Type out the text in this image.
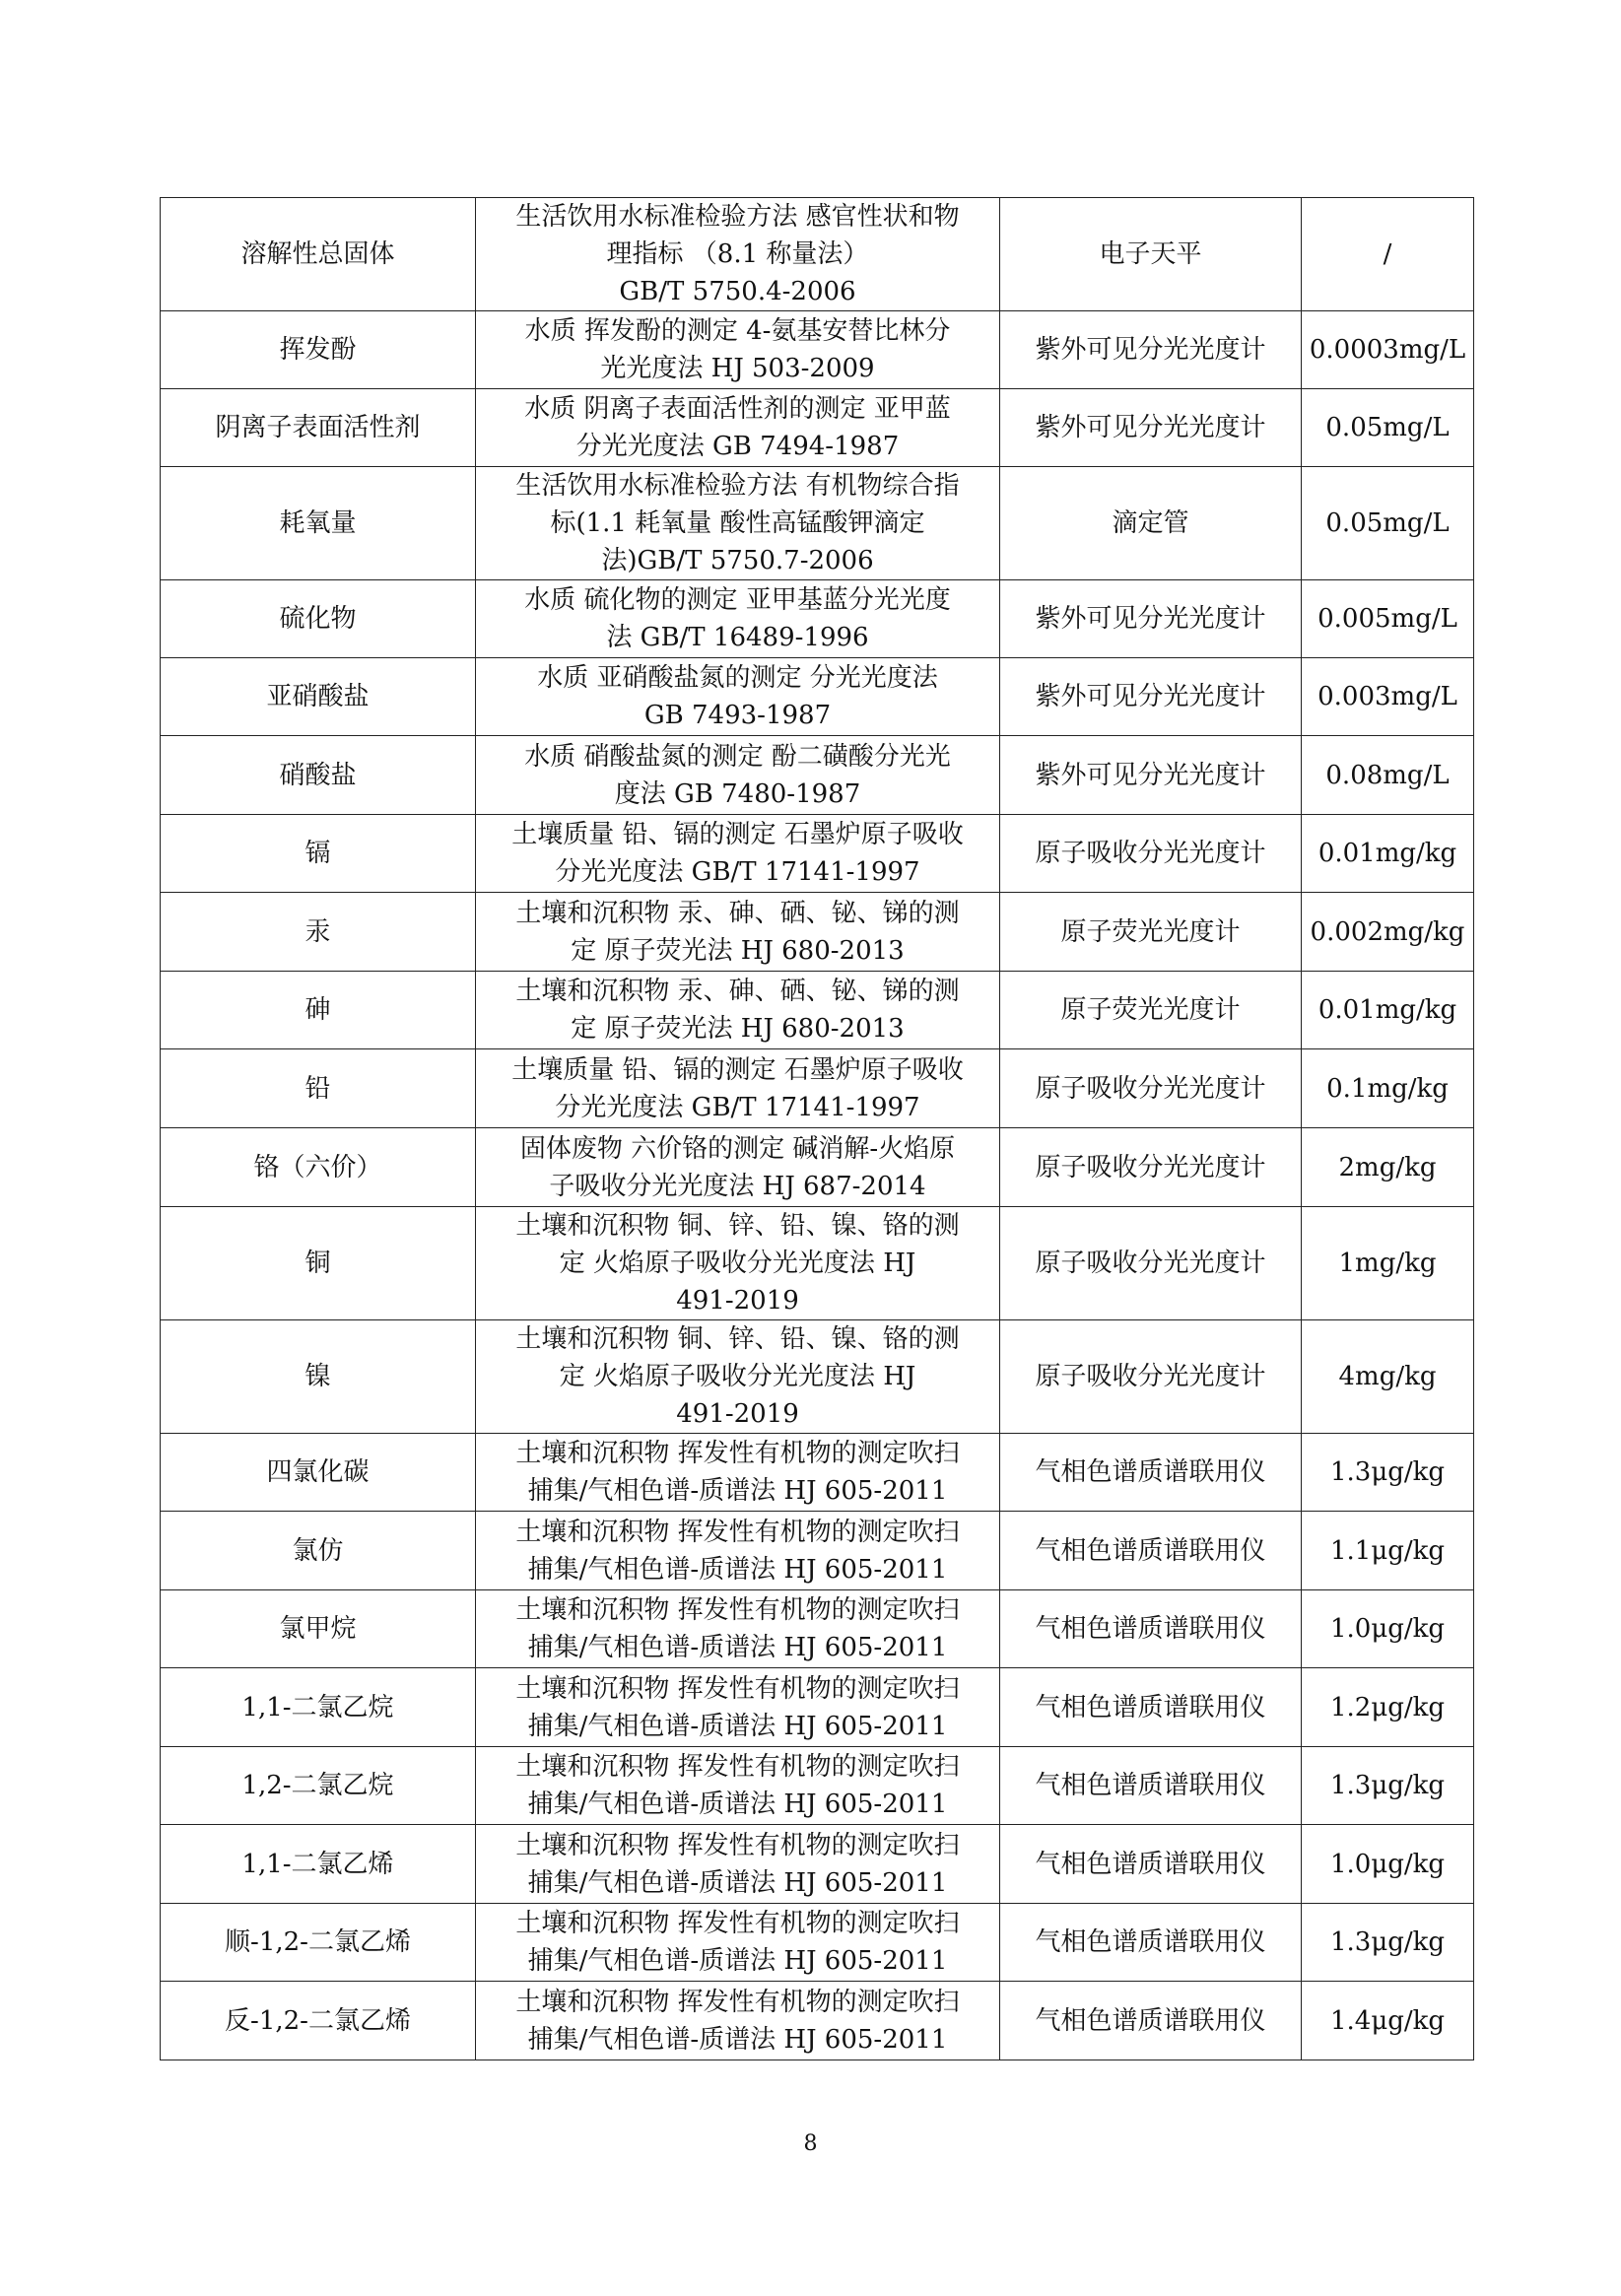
溶解性总固体	生活饮用水标准检验方法 感官性状和物
理指标 （8.1 称量法）
GB/T 5750.4-2006	电子天平	/
挥发酚	水质 挥发酚的测定 4-氨基安替比林分
光光度法 HJ 503-2009	紫外可见分光光度计	0.0003mg/L
阴离子表面活性剂	水质 阴离子表面活性剂的测定 亚甲蓝
分光光度法 GB 7494-1987	紫外可见分光光度计	0.05mg/L
耗氧量	生活饮用水标准检验方法 有机物综合指
标(1.1 耗氧量 酸性高锰酸钾滴定
法)GB/T 5750.7-2006	滴定管	0.05mg/L
硫化物	水质 硫化物的测定 亚甲基蓝分光光度
法 GB/T 16489-1996	紫外可见分光光度计	0.005mg/L
亚硝酸盐	水质 亚硝酸盐氮的测定 分光光度法
GB 7493-1987	紫外可见分光光度计	0.003mg/L
硝酸盐	水质 硝酸盐氮的测定 酚二磺酸分光光
度法 GB 7480-1987	紫外可见分光光度计	0.08mg/L
镉	土壤质量 铅、镉的测定 石墨炉原子吸收
分光光度法 GB/T 17141-1997	原子吸收分光光度计	0.01mg/kg
汞	土壤和沉积物 汞、砷、硒、铋、锑的测
定 原子荧光法 HJ 680-2013	原子荧光光度计	0.002mg/kg
砷	土壤和沉积物 汞、砷、硒、铋、锑的测
定 原子荧光法 HJ 680-2013	原子荧光光度计	0.01mg/kg
铅	土壤质量 铅、镉的测定 石墨炉原子吸收
分光光度法 GB/T 17141-1997	原子吸收分光光度计	0.1mg/kg
铬（六价）	固体废物 六价铬的测定 碱消解-火焰原
子吸收分光光度法 HJ 687-2014	原子吸收分光光度计	2mg/kg
铜	土壤和沉积物 铜、锌、铅、镍、铬的测
定 火焰原子吸收分光光度法 HJ
491-2019	原子吸收分光光度计	1mg/kg
镍	土壤和沉积物 铜、锌、铅、镍、铬的测
定 火焰原子吸收分光光度法 HJ
491-2019	原子吸收分光光度计	4mg/kg
四氯化碳	土壤和沉积物 挥发性有机物的测定吹扫
捕集/气相色谱-质谱法 HJ 605-2011	气相色谱质谱联用仪	1.3μg/kg
氯仿	土壤和沉积物 挥发性有机物的测定吹扫
捕集/气相色谱-质谱法 HJ 605-2011	气相色谱质谱联用仪	1.1μg/kg
氯甲烷	土壤和沉积物 挥发性有机物的测定吹扫
捕集/气相色谱-质谱法 HJ 605-2011	气相色谱质谱联用仪	1.0μg/kg
1,1-二氯乙烷	土壤和沉积物 挥发性有机物的测定吹扫
捕集/气相色谱-质谱法 HJ 605-2011	气相色谱质谱联用仪	1.2μg/kg
1,2-二氯乙烷	土壤和沉积物 挥发性有机物的测定吹扫
捕集/气相色谱-质谱法 HJ 605-2011	气相色谱质谱联用仪	1.3μg/kg
1,1-二氯乙烯	土壤和沉积物 挥发性有机物的测定吹扫
捕集/气相色谱-质谱法 HJ 605-2011	气相色谱质谱联用仪	1.0μg/kg
顺-1,2-二氯乙烯	土壤和沉积物 挥发性有机物的测定吹扫
捕集/气相色谱-质谱法 HJ 605-2011	气相色谱质谱联用仪	1.3μg/kg
反-1,2-二氯乙烯	土壤和沉积物 挥发性有机物的测定吹扫
捕集/气相色谱-质谱法 HJ 605-2011	气相色谱质谱联用仪	1.4μg/kg
8
